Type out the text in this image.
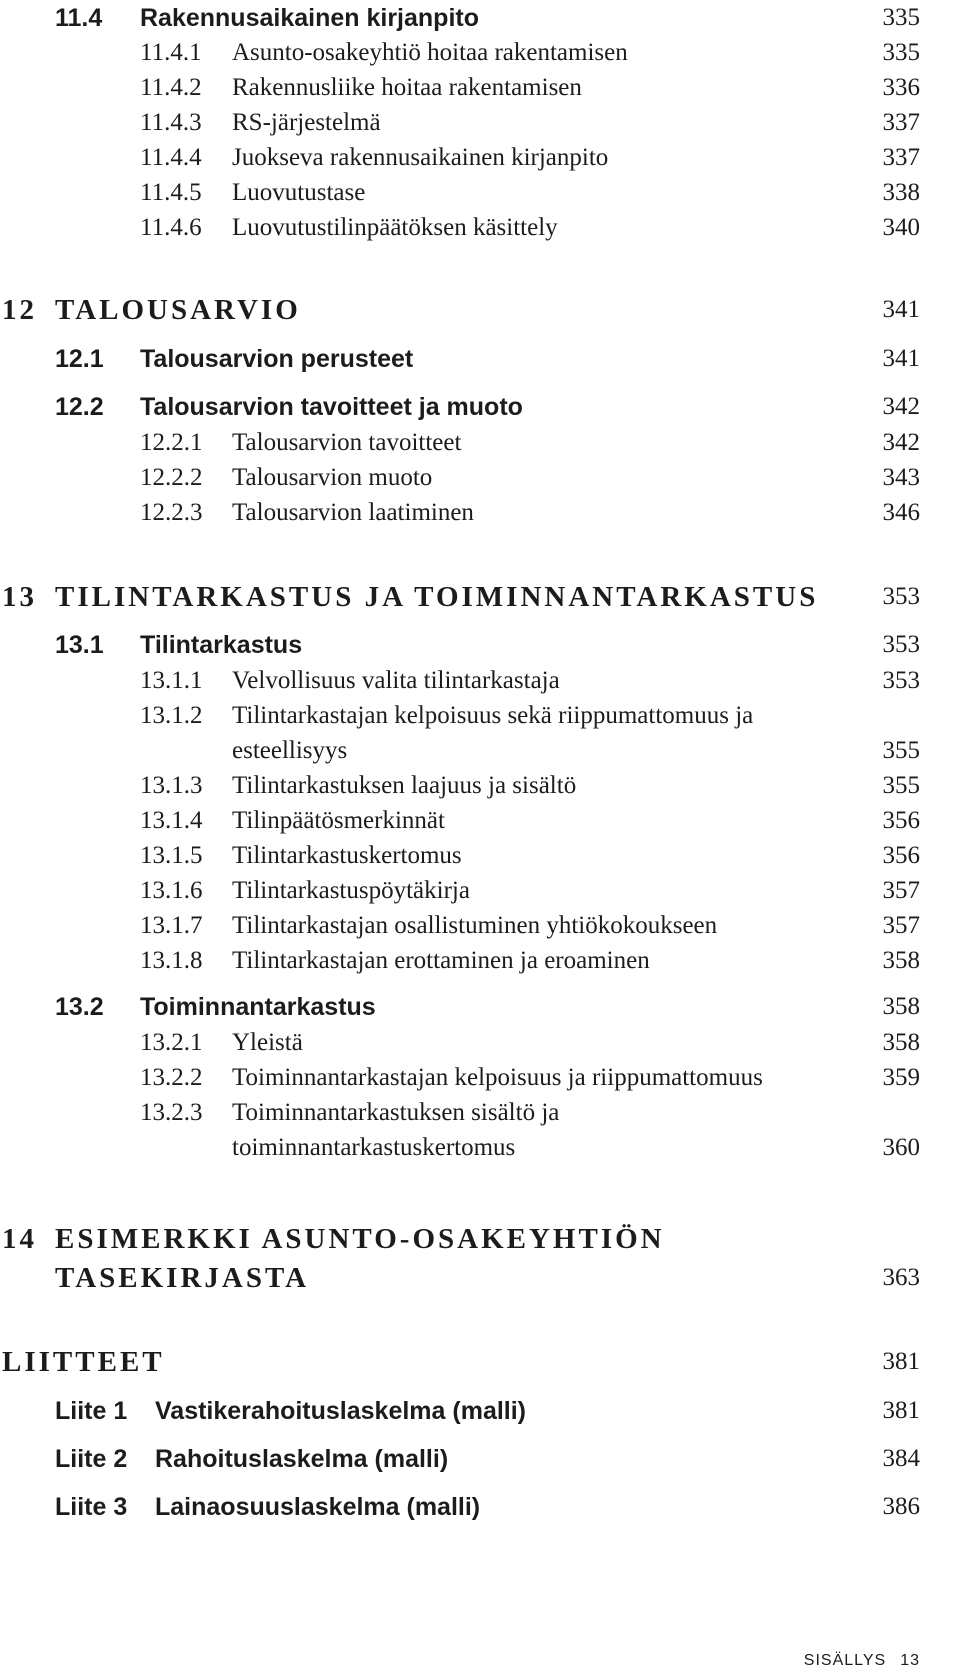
11.4 Rakennusaikainen kirjanpito	335
11.4.1 Asunto-osakeyhtiö hoitaa rakentamisen	335
11.4.2 Rakennusliike hoitaa rakentamisen	336
11.4.3 RS-järjestelmä	337
11.4.4 Juokseva rakennusaikainen kirjanpito	337
11.4.5 Luovutustase	338
11.4.6 Luovutustilinpäätöksen käsittely	340
12 TALOUSARVIO	341
12.1 Talousarvion perusteet	341
12.2 Talousarvion tavoitteet ja muoto	342
12.2.1 Talousarvion tavoitteet	342
12.2.2 Talousarvion muoto	343
12.2.3 Talousarvion laatiminen	346
13 TILINTARKASTUS JA TOIMINNANTARKASTUS	353
13.1 Tilintarkastus	353
13.1.1 Velvollisuus valita tilintarkastaja	353
13.1.2 Tilintarkastajan kelpoisuus sekä riippumattomuus ja
esteellisyys	355
13.1.3 Tilintarkastuksen laajuus ja sisältö	355
13.1.4 Tilinpäätösmerkinnät	356
13.1.5 Tilintarkastuskertomus	356
13.1.6 Tilintarkastuspöytäkirja	357
13.1.7 Tilintarkastajan osallistuminen yhtiökokoukseen	357
13.1.8 Tilintarkastajan erottaminen ja eroaminen	358
13.2 Toiminnantarkastus	358
13.2.1 Yleistä	358
13.2.2 Toiminnantarkastajan kelpoisuus ja riippumattomuus	359
13.2.3 Toiminnantarkastuksen sisältö ja
toiminnantarkastuskertomus	360
14 ESIMERKKI ASUNTO-OSAKEYHTIÖN
TASEKIRJASTA	363
LIITTEET	381
Liite 1 Vastikerahoituslaskelma (malli)	381
Liite 2 Rahoituslaskelma (malli)	384
Liite 3 Lainaosuuslaskelma (malli)	386
SISÄLLYS 13
